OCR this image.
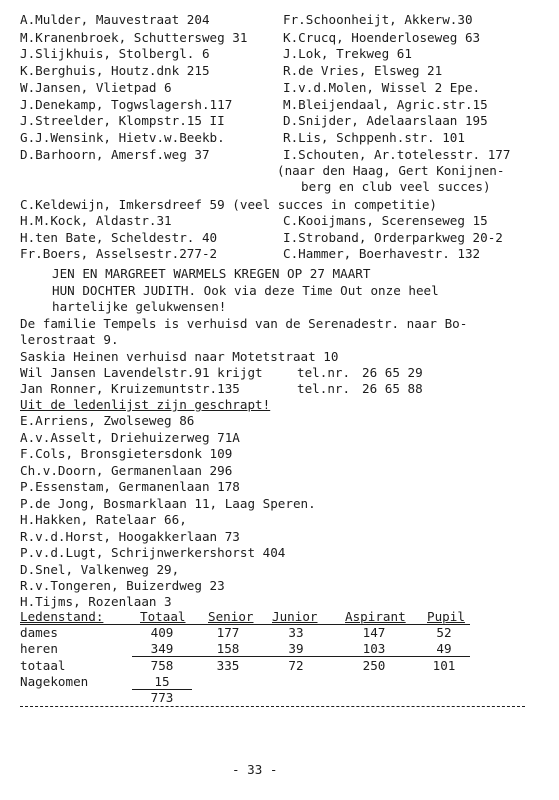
A.Mulder, Mauvestraat 204	Fr.Schoonheijt, Akkerw.30
M.Kranenbroek, Schuttersweg 31	K.Crucq, Hoenderloseweg 63
J.Slijkhuis, Stolbergl. 6	J.Lok, Trekweg 61
K.Berghuis, Houtz.dnk 215	R.de Vries, Elsweg 21
W.Jansen, Vlietpad 6	I.v.d.Molen, Wissel 2 Epe.
J.Denekamp, Togwslagersh.117	M.Bleijendaal, Agric.str.15
J.Streelder, Klompstr.15 II	D.Snijder, Adelaarslaan 195
G.J.Wensink, Hietv.w.Beekb.	R.Lis, Schppenh.str. 101
D.Barhoorn, Amersf.weg 37	I.Schouten, Ar.totelesstr. 177
(naar den Haag, Gert Konijnen-
berg en club veel succes)
C.Keldewijn, Imkersdreef 59 (veel succes in competitie)
H.M.Kock, Aldastr.31	C.Kooijmans, Scerenseweg 15
H.ten Bate, Scheldestr. 40	I.Stroband, Orderparkweg 20-2
Fr.Boers, Asselsestr.277-2	C.Hammer, Boerhavestr. 132
JEN EN MARGREET WARMELS KREGEN OP 27 MAART
HUN DOCHTER JUDITH. Ook via deze Time Out onze heel
hartelijke gelukwensen!
De familie Tempels is verhuisd van de Serenadestr. naar Bo-
lerostraat 9.
Saskia Heinen verhuisd naar Motetstraat 10
Wil Jansen Lavendelstr.91 krijgt	tel.nr. 26 65 29
Jan Ronner, Kruizemuntstr.135	tel.nr. 26 65 88
Uit de ledenlijst zijn geschrapt!
E.Arriens, Zwolseweg 86
A.v.Asselt, Driehuizerweg 71A
F.Cols, Bronsgietersdonk 109
Ch.v.Doorn, Germanenlaan 296
P.Essenstam, Germanenlaan 178
P.de Jong, Bosmarklaan 11, Laag Speren.
H.Hakken, Ratelaar 66,
R.v.d.Horst, Hoogakkerlaan 73
P.v.d.Lugt, Schrijnwerkershorst 404
D.Snel, Valkenweg 29,
R.v.Tongeren, Buizerdweg 23
H.Tijms, Rozenlaan 3
Ledenstand:	Totaal Senior Junior Aspirant Pupil
dames	409	177	33	147	52
heren	349	158	39	103	49
totaal	758	335	72	250	101
Nagekomen	15
773
- 33 -
